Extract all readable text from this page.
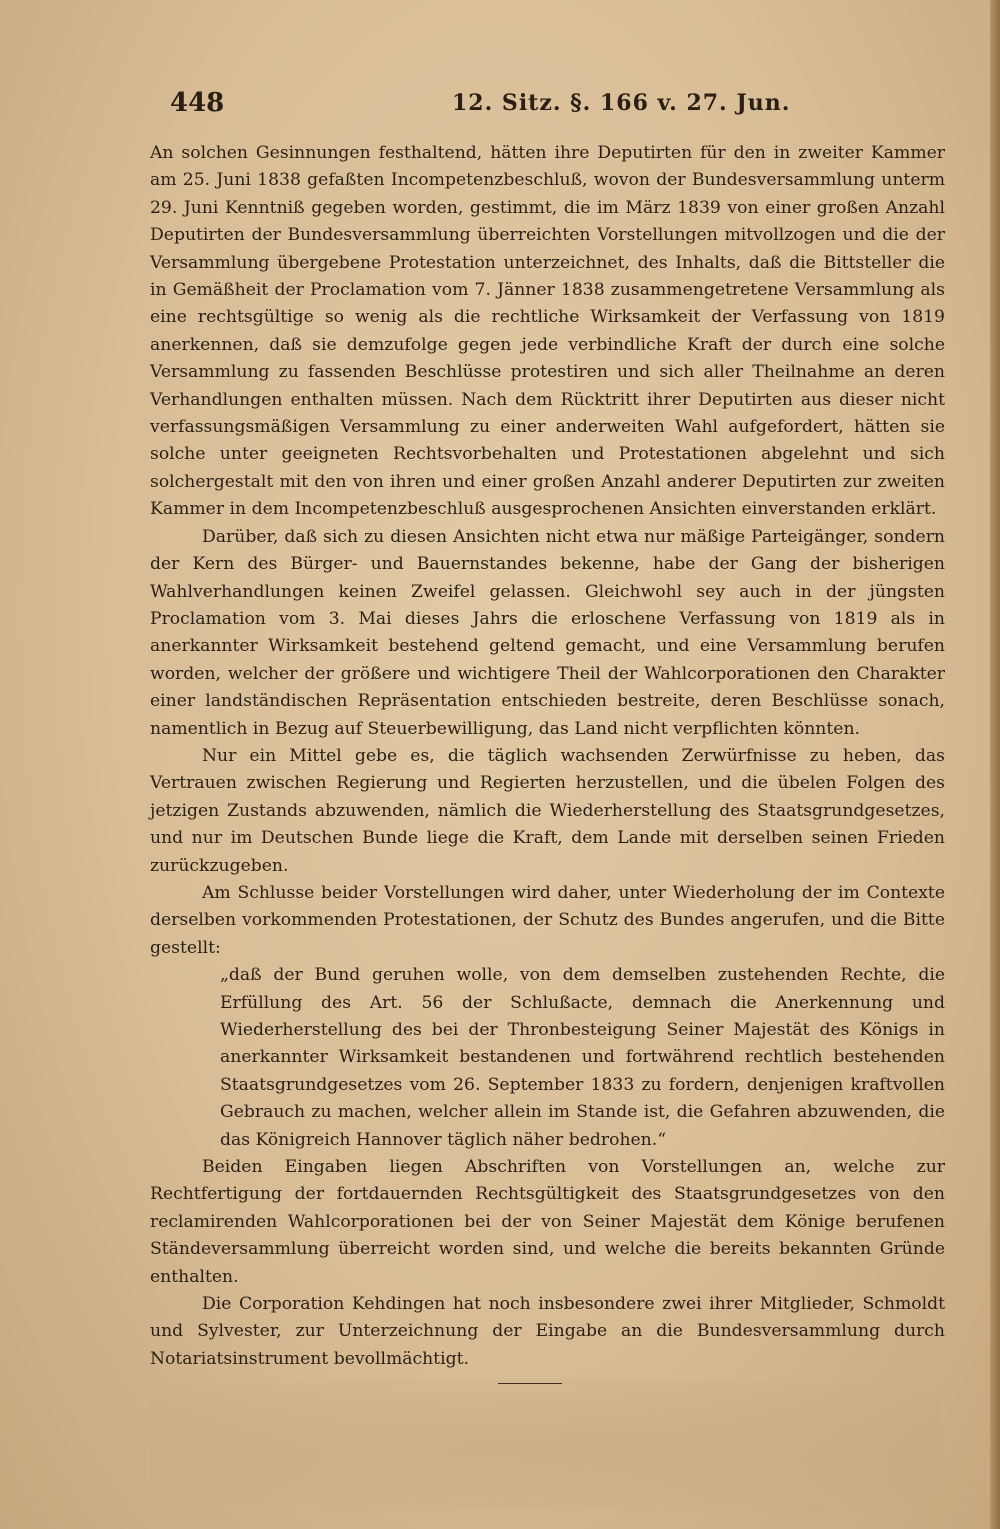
448	12. Sitz. §. 166 v. 27. Jun.

An solchen Gesinnungen festhaltend, hätten ihre Deputirten für den in zweiter Kammer am 25. Juni 1838 gefaßten Incompetenzbeschluß, wovon der Bundesversammlung unterm 29. Juni Kenntniß gegeben worden, gestimmt, die im März 1839 von einer großen Anzahl Deputirten der Bundesversammlung überreichten Vorstellungen mitvollzogen und die der Versammlung übergebene Protestation unterzeichnet, des Inhalts, daß die Bittsteller die in Gemäßheit der Proclamation vom 7. Jänner 1838 zusammengetretene Versammlung als eine rechtsgültige so wenig als die rechtliche Wirksamkeit der Verfassung von 1819 anerkennen, daß sie demzufolge gegen jede verbindliche Kraft der durch eine solche Versammlung zu fassenden Beschlüsse protestiren und sich aller Theilnahme an deren Verhandlungen enthalten müssen. Nach dem Rücktritt ihrer Deputirten aus dieser nicht verfassungsmäßigen Versammlung zu einer anderweiten Wahl aufgefordert, hätten sie solche unter geeigneten Rechtsvorbehalten und Protestationen abgelehnt und sich solchergestalt mit den von ihren und einer großen Anzahl anderer Deputirten zur zweiten Kammer in dem Incompetenzbeschluß ausgesprochenen Ansichten einverstanden erklärt.

Darüber, daß sich zu diesen Ansichten nicht etwa nur mäßige Parteigänger, sondern der Kern des Bürger- und Bauernstandes bekenne, habe der Gang der bisherigen Wahlverhandlungen keinen Zweifel gelassen. Gleichwohl sey auch in der jüngsten Proclamation vom 3. Mai dieses Jahrs die erloschene Verfassung von 1819 als in anerkannter Wirksamkeit bestehend geltend gemacht, und eine Versammlung berufen worden, welcher der größere und wichtigere Theil der Wahlcorporationen den Charakter einer landständischen Repräsentation entschieden bestreite, deren Beschlüsse sonach, namentlich in Bezug auf Steuerbewilligung, das Land nicht verpflichten könnten.

Nur ein Mittel gebe es, die täglich wachsenden Zerwürfnisse zu heben, das Vertrauen zwischen Regierung und Regierten herzustellen, und die übelen Folgen des jetzigen Zustands abzuwenden, nämlich die Wiederherstellung des Staatsgrundgesetzes, und nur im Deutschen Bunde liege die Kraft, dem Lande mit derselben seinen Frieden zurückzugeben.

Am Schlusse beider Vorstellungen wird daher, unter Wiederholung der im Contexte derselben vorkommenden Protestationen, der Schutz des Bundes angerufen, und die Bitte gestellt:

„daß der Bund geruhen wolle, von dem demselben zustehenden Rechte, die Erfüllung des Art. 56 der Schlußacte, demnach die Anerkennung und Wiederherstellung des bei der Thronbesteigung Seiner Majestät des Königs in anerkannter Wirksamkeit bestandenen und fortwährend rechtlich bestehenden Staatsgrundgesetzes vom 26. September 1833 zu fordern, denjenigen kraftvollen Gebrauch zu machen, welcher allein im Stande ist, die Gefahren abzuwenden, die das Königreich Hannover täglich näher bedrohen.“

Beiden Eingaben liegen Abschriften von Vorstellungen an, welche zur Rechtfertigung der fortdauernden Rechtsgültigkeit des Staatsgrundgesetzes von den reclamirenden Wahlcorporationen bei der von Seiner Majestät dem Könige berufenen Ständeversammlung überreicht worden sind, und welche die bereits bekannten Gründe enthalten.

Die Corporation Kehdingen hat noch insbesondere zwei ihrer Mitglieder, Schmoldt und Sylvester, zur Unterzeichnung der Eingabe an die Bundesversammlung durch Notariatsinstrument bevollmächtigt.
